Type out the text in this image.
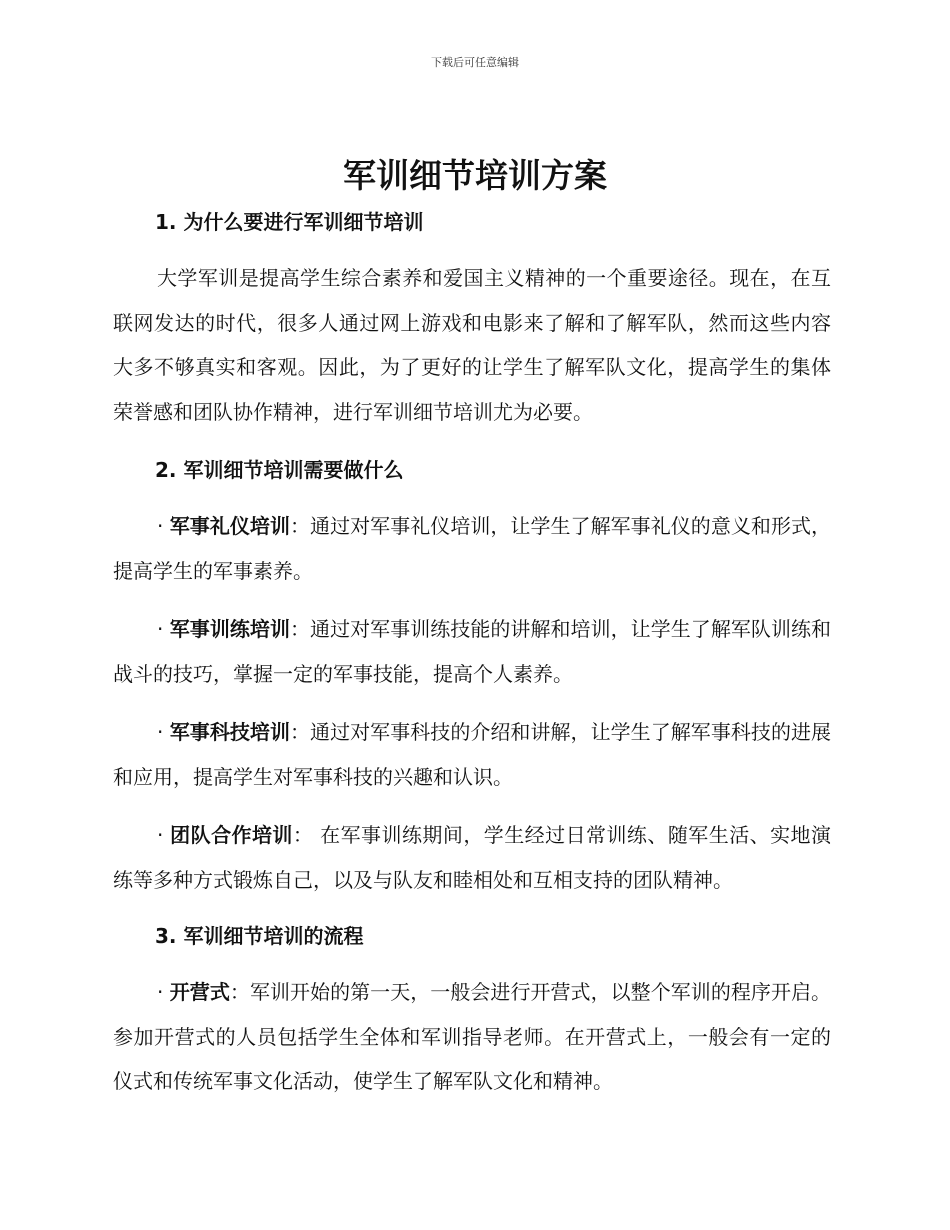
下载后可任意编辑
军训细节培训方案
1. 为什么要进行军训细节培训

大学军训是提高学生综合素养和爱国主义精神的一个重要途径。现在，在互联网发达的时代，很多人通过网上游戏和电影来了解和了解军队，然而这些内容大多不够真实和客观。因此，为了更好的让学生了解军队文化，提高学生的集体荣誉感和团队协作精神，进行军训细节培训尤为必要。

2. 军训细节培训需要做什么

· 军事礼仪培训：通过对军事礼仪培训，让学生了解军事礼仪的意义和形式，提高学生的军事素养。

· 军事训练培训：通过对军事训练技能的讲解和培训，让学生了解军队训练和战斗的技巧，掌握一定的军事技能，提高个人素养。

· 军事科技培训：通过对军事科技的介绍和讲解，让学生了解军事科技的进展和应用，提高学生对军事科技的兴趣和认识。

· 团队合作培训： 在军事训练期间，学生经过日常训练、随军生活、实地演练等多种方式锻炼自己，以及与队友和睦相处和互相支持的团队精神。

3. 军训细节培训的流程

· 开营式：军训开始的第一天，一般会进行开营式，以整个军训的程序开启。参加开营式的人员包括学生全体和军训指导老师。在开营式上，一般会有一定的仪式和传统军事文化活动，使学生了解军队文化和精神。
